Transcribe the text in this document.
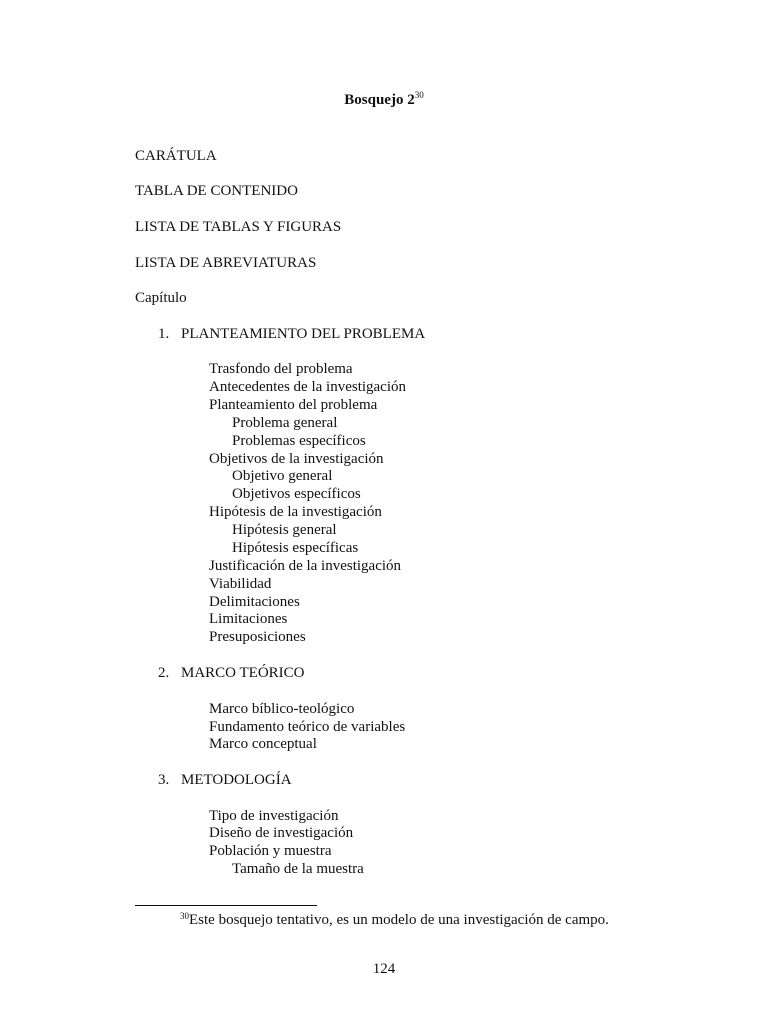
Bosquejo $2^{30}$
CARÁTULA
TABLA DE CONTENIDO
LISTA DE TABLAS Y FIGURAS
LISTA DE ABREVIATURAS
Capítulo
1. PLANTEAMIENTO DEL PROBLEMA
Trasfondo del problema
Antecedentes de la investigación
Planteamiento del problema
Problema general
Problemas específicos
Objetivos de la investigación
Objetivo general
Objetivos específicos
Hipótesis de la investigación
Hipótesis general
Hipótesis específicas
Justificación de la investigación
Viabilidad
Delimitaciones
Limitaciones
Presuposiciones
2. MARCO TEÓRICO
Marco bíblico-teológico
Fundamento teórico de variables
Marco conceptual
3. METODOLOGÍA
Tipo de investigación
Diseño de investigación
Población y muestra
Tamaño de la muestra
$^{30}$Este bosquejo tentativo, es un modelo de una investigación de campo.
124
